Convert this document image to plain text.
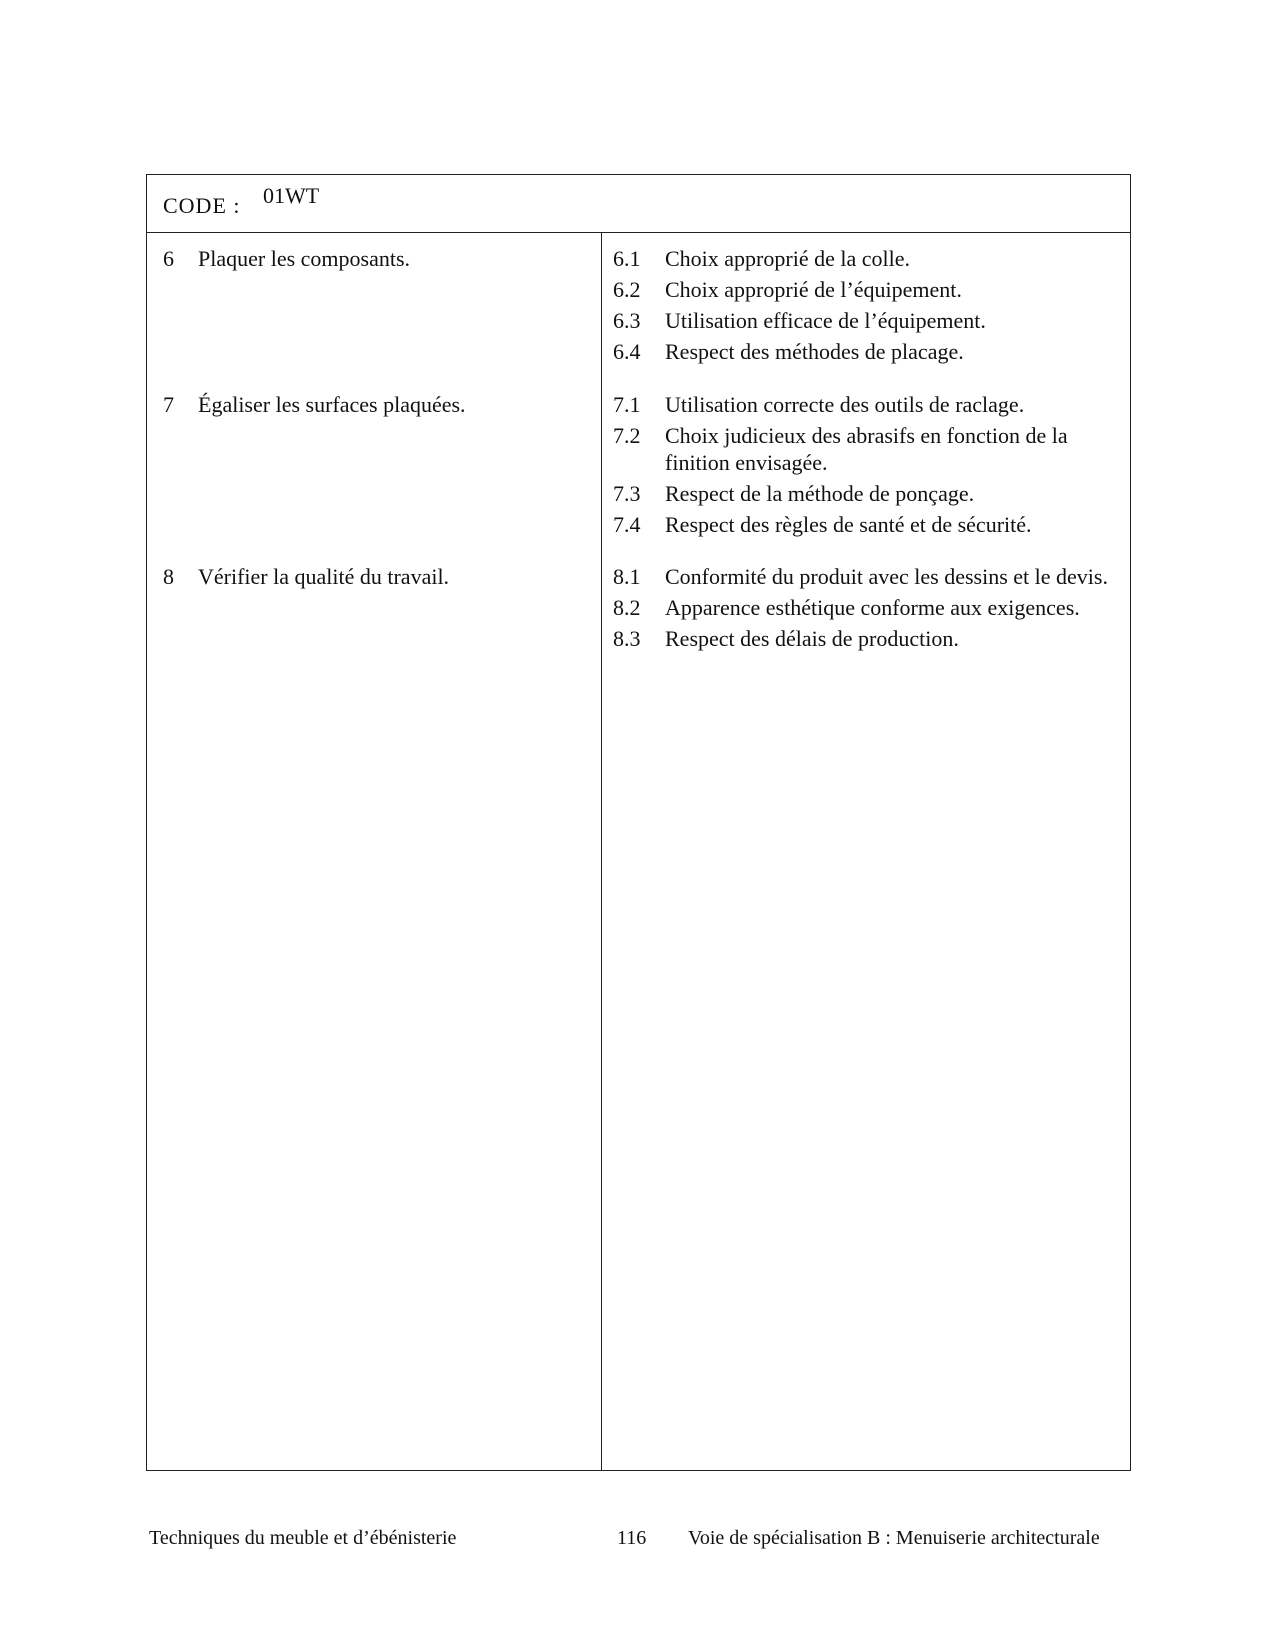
CODE : 01WT
6	Plaquer les composants.
7	Égaliser les surfaces plaquées.
8	Vérifier la qualité du travail.
6.1	Choix approprié de la colle.
6.2	Choix approprié de l’équipement.
6.3	Utilisation efficace de l’équipement.
6.4	Respect des méthodes de placage.
7.1	Utilisation correcte des outils de raclage.
7.2	Choix judicieux des abrasifs en fonction de la finition envisagée.
7.3	Respect de la méthode de ponçage.
7.4	Respect des règles de santé et de sécurité.
8.1	Conformité du produit avec les dessins et le devis.
8.2	Apparence esthétique conforme aux exigences.
8.3	Respect des délais de production.
Techniques du meuble et d’ébénisterie	116 Voie de spécialisation B : Menuiserie architecturale
